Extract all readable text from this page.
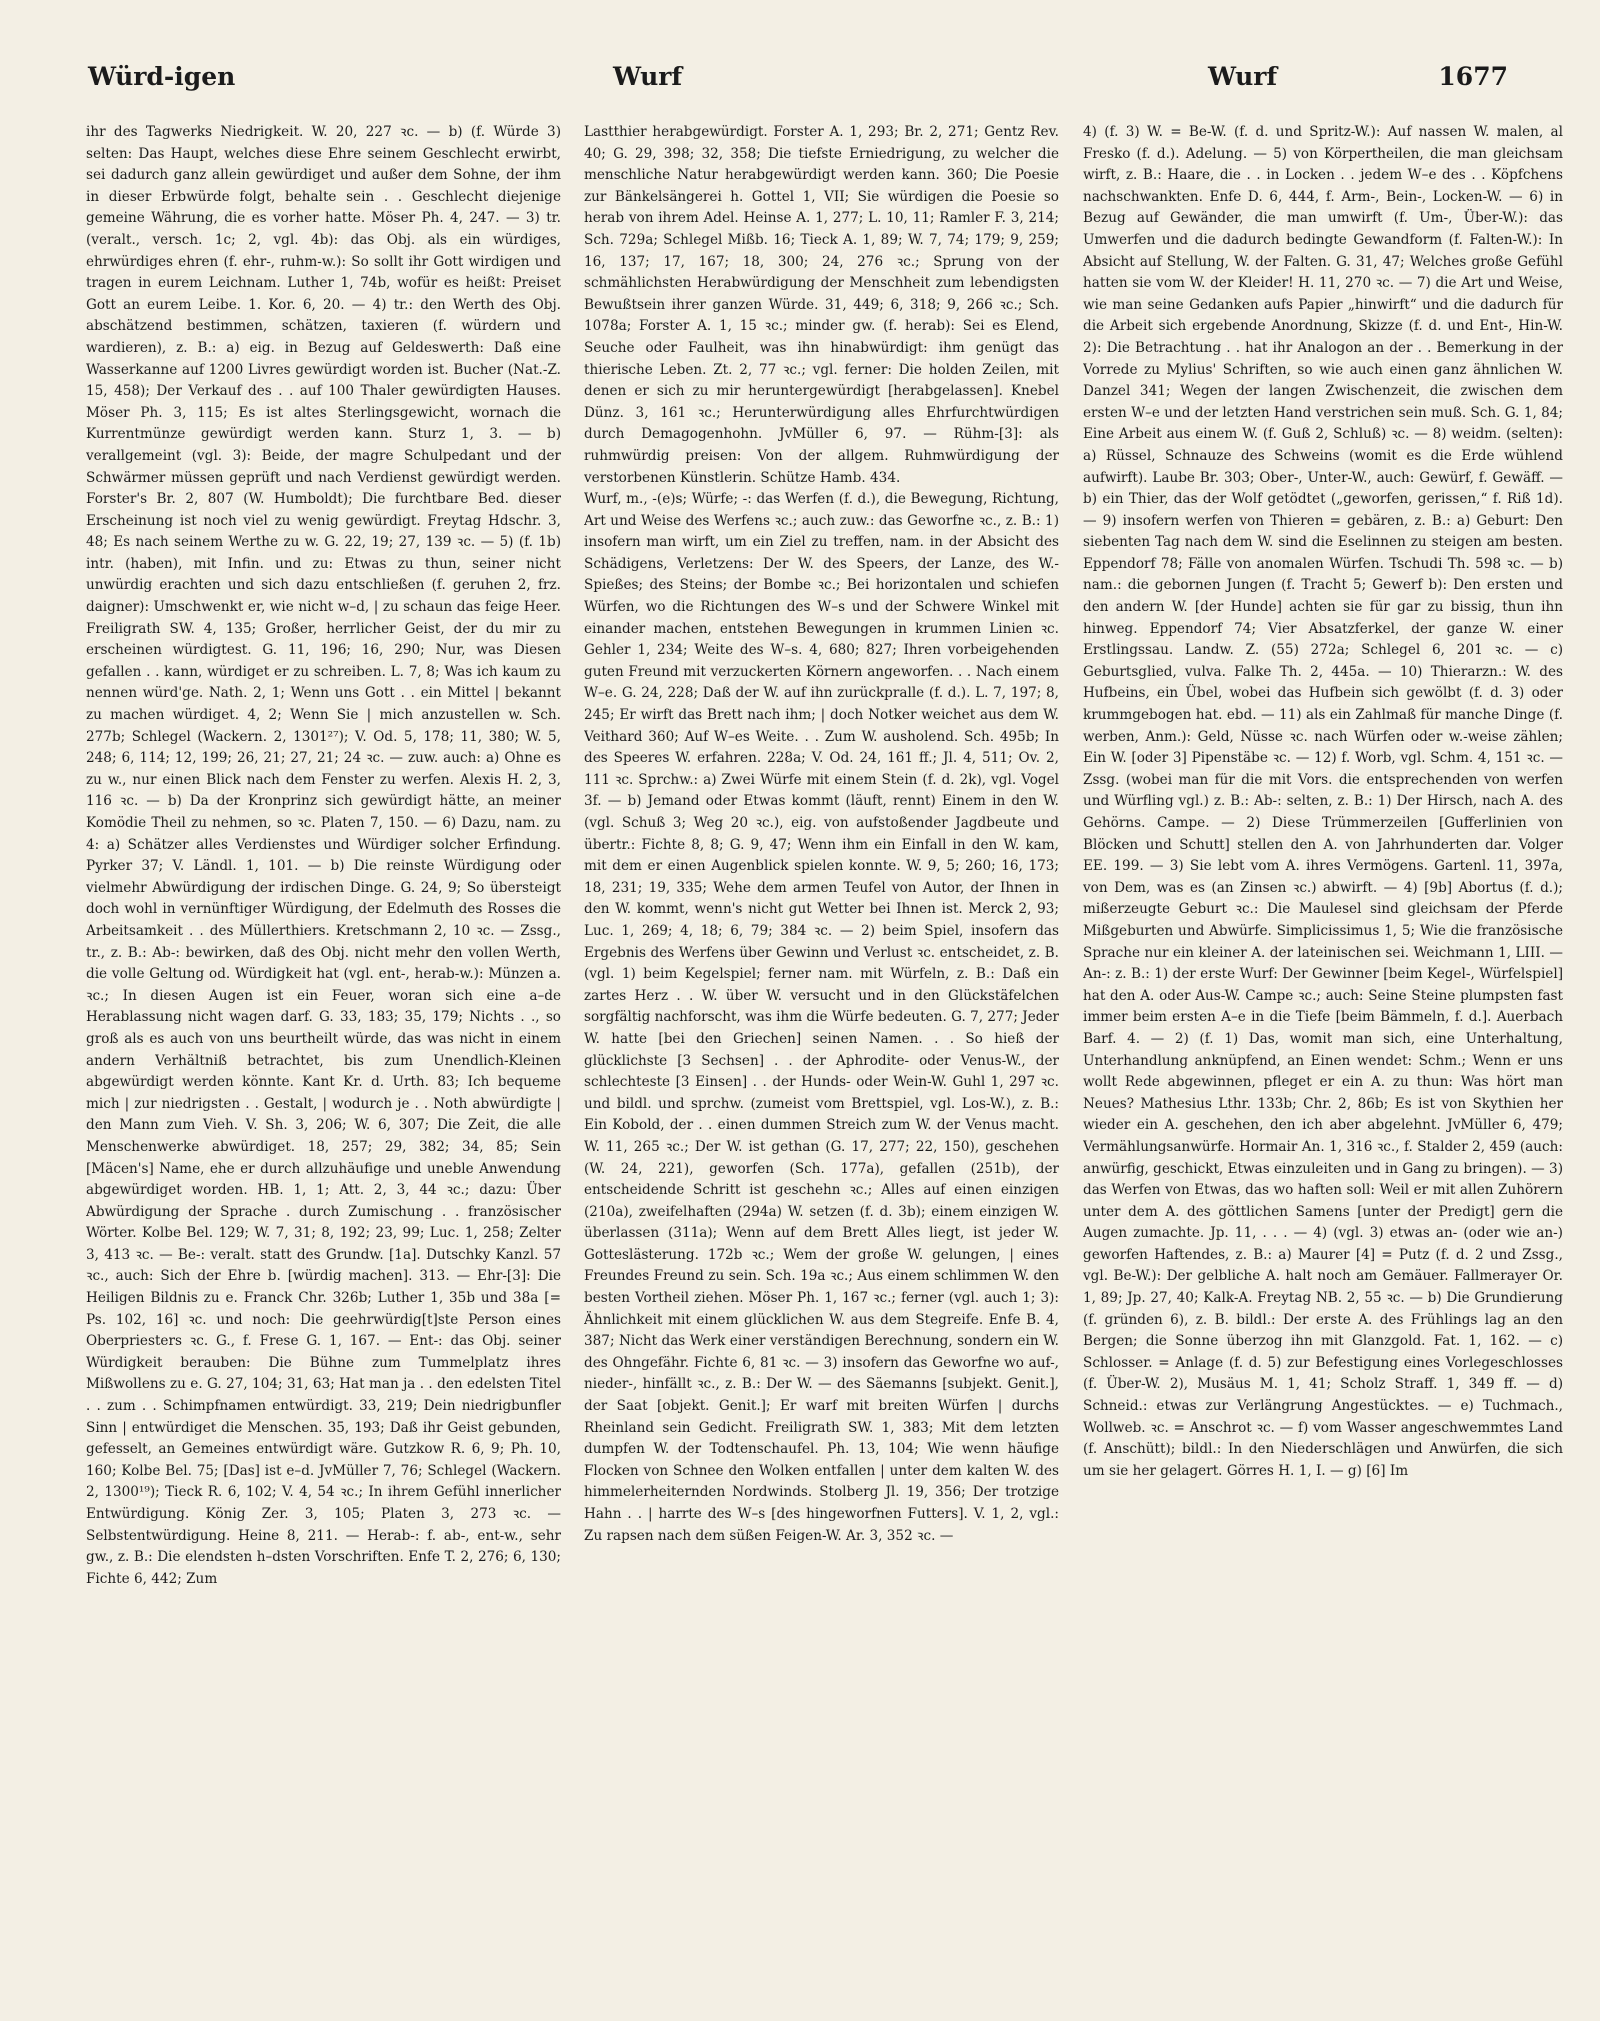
Würd-igen	Wurf	Wurf	1677

ihr des Tagwerks Niedrigkeit. W. 20, 227 ꝛc. — b) (f. Würde 3) selten: Das Haupt, welches diese Ehre seinem Geschlecht erwirbt, sei dadurch ganz allein gewürdiget und außer dem Sohne, der ihm in dieser Erbwürde folgt, behalte sein . . Geschlecht diejenige gemeine Währung, die es vorher hatte. Möser Ph. 4, 247. — 3) tr. (veralt., versch. 1c; 2, vgl. 4b): das Obj. als ein würdiges, ehrwürdiges ehren (f. ehr-, ruhm-w.): So sollt ihr Gott wirdigen und tragen in eurem Leichnam. Luther 1, 74b, wofür es heißt: Preiset Gott an eurem Leibe. 1. Kor. 6, 20. — 4) tr.: den Werth des Obj. abschätzend bestimmen, schätzen, taxieren (f. würdern und wardieren), z. B.: a) eig. in Bezug auf Geldeswerth: Daß eine Wasserkanne auf 1200 Livres gewürdigt worden ist. Bucher (Nat.-Z. 15, 458); Der Verkauf des . . auf 100 Thaler gewürdigten Hauses. Möser Ph. 3, 115; Es ist altes Sterlingsgewicht, wornach die Kurrentmünze gewürdigt werden kann. Sturz 1, 3. — b) verallgemeint (vgl. 3): Beide, der magre Schulpedant und der Schwärmer müssen geprüft und nach Verdienst gewürdigt werden. Forster's Br. 2, 807 (W. Humboldt); Die furchtbare Bed. dieser Erscheinung ist noch viel zu wenig gewürdigt. Freytag Hdschr. 3, 48; Es nach seinem Werthe zu w. G. 22, 19; 27, 139 ꝛc. — 5) (f. 1b) intr. (haben), mit Infin. und zu: Etwas zu thun, seiner nicht unwürdig erachten und sich dazu entschließen (f. geruhen 2, frz. daigner): Umschwenkt er, wie nicht w–d, | zu schaun das feige Heer. Freiligrath SW. 4, 135; Großer, herrlicher Geist, der du mir zu erscheinen würdigtest. G. 11, 196; 16, 290; Nur, was Diesen gefallen . . kann, würdiget er zu schreiben. L. 7, 8; Was ich kaum zu nennen würd'ge. Nath. 2, 1; Wenn uns Gott . . ein Mittel | bekannt zu machen würdiget. 4, 2; Wenn Sie | mich anzustellen w. Sch. 277b; Schlegel (Wackern. 2, 1301²⁷); V. Od. 5, 178; 11, 380; W. 5, 248; 6, 114; 12, 199; 26, 21; 27, 21; 24 ꝛc. — zuw. auch: a) Ohne es zu w., nur einen Blick nach dem Fenster zu werfen. Alexis H. 2, 3, 116 ꝛc. — b) Da der Kronprinz sich gewürdigt hätte, an meiner Komödie Theil zu nehmen, so ꝛc. Platen 7, 150. — 6) Dazu, nam. zu 4: a) Schätzer alles Verdienstes und Würdiger solcher Erfindung. Pyrker 37; V. Ländl. 1, 101. — b) Die reinste Würdigung oder vielmehr Abwürdigung der irdischen Dinge. G. 24, 9; So übersteigt doch wohl in vernünftiger Würdigung, der Edelmuth des Rosses die Arbeitsamkeit . . des Müllerthiers. Kretschmann 2, 10 ꝛc. — Zssg., tr., z. B.: Ab-: bewirken, daß des Obj. nicht mehr den vollen Werth, die volle Geltung od. Würdigkeit hat (vgl. ent-, herab-w.): Münzen a. ꝛc.; In diesen Augen ist ein Feuer, woran sich eine a–de Herablassung nicht wagen darf. G. 33, 183; 35, 179; Nichts . ., so groß als es auch von uns beurtheilt würde, das was nicht in einem andern Verhältniß betrachtet, bis zum Unendlich-Kleinen abgewürdigt werden könnte. Kant Kr. d. Urth. 83; Ich bequeme mich | zur niedrigsten . . Gestalt, | wodurch je . . Noth abwürdigte | den Mann zum Vieh. V. Sh. 3, 206; W. 6, 307; Die Zeit, die alle Menschenwerke abwürdiget. 18, 257; 29, 382; 34, 85; Sein [Mäcen's] Name, ehe er durch allzuhäufige und uneble Anwendung abgewürdiget worden. HB. 1, 1; Att. 2, 3, 44 ꝛc.; dazu: Über Abwürdigung der Sprache . durch Zumischung . . französischer Wörter. Kolbe Bel. 129; W. 7, 31; 8, 192; 23, 99; Luc. 1, 258; Zelter 3, 413 ꝛc. — Be-: veralt. statt des Grundw. [1a]. Dutschky Kanzl. 57 ꝛc., auch: Sich der Ehre b. [würdig machen]. 313. — Ehr-[3]: Die Heiligen Bildnis zu e. Franck Chr. 326b; Luther 1, 35b und 38a [= Ps. 102, 16] ꝛc. und noch: Die geehrwürdig[t]ste Person eines Oberpriesters ꝛc. G., f. Frese G. 1, 167. — Ent-: das Obj. seiner Würdigkeit berauben: Die Bühne zum Tummelplatz ihres Mißwollens zu e. G. 27, 104; 31, 63; Hat man ja . . den edelsten Titel . . zum . . Schimpfnamen entwürdigt. 33, 219; Dein niedrigbunfler Sinn | entwürdiget die Menschen. 35, 193; Daß ihr Geist gebunden, gefesselt, an Gemeines entwürdigt wäre. Gutzkow R. 6, 9; Ph. 10, 160; Kolbe Bel. 75; [Das] ist e–d. JvMüller 7, 76; Schlegel (Wackern. 2, 1300¹⁹); Tieck R. 6, 102; V. 4, 54 ꝛc.; In ihrem Gefühl innerlicher Entwürdigung. König Zer. 3, 105; Platen 3, 273 ꝛc. — Selbstentwürdigung. Heine 8, 211. — Herab-: f. ab-, ent-w., sehr gw., z. B.: Die elendsten h–dsten Vorschriften. Enfe T. 2, 276; 6, 130; Fichte 6, 442; Zum

Lastthier herabgewürdigt. Forster A. 1, 293; Br. 2, 271; Gentz Rev. 40; G. 29, 398; 32, 358; Die tiefste Erniedrigung, zu welcher die menschliche Natur herabgewürdigt werden kann. 360; Die Poesie zur Bänkelsängerei h. Gottel 1, VII; Sie würdigen die Poesie so herab von ihrem Adel. Heinse A. 1, 277; L. 10, 11; Ramler F. 3, 214; Sch. 729a; Schlegel Mißb. 16; Tieck A. 1, 89; W. 7, 74; 179; 9, 259; 16, 137; 17, 167; 18, 300; 24, 276 ꝛc.; Sprung von der schmählichsten Herabwürdigung der Menschheit zum lebendigsten Bewußtsein ihrer ganzen Würde. 31, 449; 6, 318; 9, 266 ꝛc.; Sch. 1078a; Forster A. 1, 15 ꝛc.; minder gw. (f. herab): Sei es Elend, Seuche oder Faulheit, was ihn hinabwürdigt: ihm genügt das thierische Leben. Zt. 2, 77 ꝛc.; vgl. ferner: Die holden Zeilen, mit denen er sich zu mir heruntergewürdigt [herabgelassen]. Knebel Dünz. 3, 161 ꝛc.; Herunterwürdigung alles Ehrfurchtwürdigen durch Demagogenhohn. JvMüller 6, 97. — Rühm-[3]: als ruhmwürdig preisen: Von der allgem. Ruhmwürdigung der verstorbenen Künstlerin. Schütze Hamb. 434.

Wurf, m., -(e)s; Würfe; -: das Werfen (f. d.), die Bewegung, Richtung, Art und Weise des Werfens ꝛc.; auch zuw.: das Geworfne ꝛc., z. B.: 1) insofern man wirft, um ein Ziel zu treffen, nam. in der Absicht des Schädigens, Verletzens: Der W. des Speers, der Lanze, des W.-Spießes; des Steins; der Bombe ꝛc.; Bei horizontalen und schiefen Würfen, wo die Richtungen des W–s und der Schwere Winkel mit einander machen, entstehen Bewegungen in krummen Linien ꝛc. Gehler 1, 234; Weite des W–s. 4, 680; 827; Ihren vorbeigehenden guten Freund mit verzuckerten Körnern angeworfen. . . Nach einem W–e. G. 24, 228; Daß der W. auf ihn zurückpralle (f. d.). L. 7, 197; 8, 245; Er wirft das Brett nach ihm; | doch Notker weichet aus dem W. Veithard 360; Auf W–es Weite. . . Zum W. ausholend. Sch. 495b; In des Speeres W. erfahren. 228a; V. Od. 24, 161 ff.; Jl. 4, 511; Ov. 2, 111 ꝛc. Sprchw.: a) Zwei Würfe mit einem Stein (f. d. 2k), vgl. Vogel 3f. — b) Jemand oder Etwas kommt (läuft, rennt) Einem in den W. (vgl. Schuß 3; Weg 20 ꝛc.), eig. von aufstoßender Jagdbeute und übertr.: Fichte 8, 8; G. 9, 47; Wenn ihm ein Einfall in den W. kam, mit dem er einen Augenblick spielen konnte. W. 9, 5; 260; 16, 173; 18, 231; 19, 335; Wehe dem armen Teufel von Autor, der Ihnen in den W. kommt, wenn's nicht gut Wetter bei Ihnen ist. Merck 2, 93; Luc. 1, 269; 4, 18; 6, 79; 384 ꝛc. — 2) beim Spiel, insofern das Ergebnis des Werfens über Gewinn und Verlust ꝛc. entscheidet, z. B. (vgl. 1) beim Kegelspiel; ferner nam. mit Würfeln, z. B.: Daß ein zartes Herz . . W. über W. versucht und in den Glückstäfelchen sorgfältig nachforscht, was ihm die Würfe bedeuten. G. 7, 277; Jeder W. hatte [bei den Griechen] seinen Namen. . . So hieß der glücklichste [3 Sechsen] . . der Aphrodite- oder Venus-W., der schlechteste [3 Einsen] . . der Hunds- oder Wein-W. Guhl 1, 297 ꝛc. und bildl. und sprchw. (zumeist vom Brettspiel, vgl. Los-W.), z. B.: Ein Kobold, der . . einen dummen Streich zum W. der Venus macht. W. 11, 265 ꝛc.; Der W. ist gethan (G. 17, 277; 22, 150), geschehen (W. 24, 221), geworfen (Sch. 177a), gefallen (251b), der entscheidende Schritt ist geschehn ꝛc.; Alles auf einen einzigen (210a), zweifelhaften (294a) W. setzen (f. d. 3b); einem einzigen W. überlassen (311a); Wenn auf dem Brett Alles liegt, ist jeder W. Gotteslästerung. 172b ꝛc.; Wem der große W. gelungen, | eines Freundes Freund zu sein. Sch. 19a ꝛc.; Aus einem schlimmen W. den besten Vortheil ziehen. Möser Ph. 1, 167 ꝛc.; ferner (vgl. auch 1; 3): Ähnlichkeit mit einem glücklichen W. aus dem Stegreife. Enfe B. 4, 387; Nicht das Werk einer verständigen Berechnung, sondern ein W. des Ohngefähr. Fichte 6, 81 ꝛc. — 3) insofern das Geworfne wo auf-, nieder-, hinfällt ꝛc., z. B.: Der W. — des Säemanns [subjekt. Genit.], der Saat [objekt. Genit.]; Er warf mit breiten Würfen | durchs Rheinland sein Gedicht. Freiligrath SW. 1, 383; Mit dem letzten dumpfen W. der Todtenschaufel. Ph. 13, 104; Wie wenn häufige Flocken von Schnee den Wolken entfallen | unter dem kalten W. des himmelerheiternden Nordwinds. Stolberg Jl. 19, 356; Der trotzige Hahn . . | harrte des W–s [des hingeworfnen Futters]. V. 1, 2, vgl.: Zu rapsen nach dem süßen Feigen-W. Ar. 3, 352 ꝛc. —

4) (f. 3) W. = Be-W. (f. d. und Spritz-W.): Auf nassen W. malen, al Fresko (f. d.). Adelung. — 5) von Körpertheilen, die man gleichsam wirft, z. B.: Haare, die . . in Locken . . jedem W–e des . . Köpfchens nachschwankten. Enfe D. 6, 444, f. Arm-, Bein-, Locken-W. — 6) in Bezug auf Gewänder, die man umwirft (f. Um-, Über-W.): das Umwerfen und die dadurch bedingte Gewandform (f. Falten-W.): In Absicht auf Stellung, W. der Falten. G. 31, 47; Welches große Gefühl hatten sie vom W. der Kleider! H. 11, 270 ꝛc. — 7) die Art und Weise, wie man seine Gedanken aufs Papier „hinwirft“ und die dadurch für die Arbeit sich ergebende Anordnung, Skizze (f. d. und Ent-, Hin-W. 2): Die Betrachtung . . hat ihr Analogon an der . . Bemerkung in der Vorrede zu Mylius' Schriften, so wie auch einen ganz ähnlichen W. Danzel 341; Wegen der langen Zwischenzeit, die zwischen dem ersten W–e und der letzten Hand verstrichen sein muß. Sch. G. 1, 84; Eine Arbeit aus einem W. (f. Guß 2, Schluß) ꝛc. — 8) weidm. (selten): a) Rüssel, Schnauze des Schweins (womit es die Erde wühlend aufwirft). Laube Br. 303; Ober-, Unter-W., auch: Gewürf, f. Gewäff. — b) ein Thier, das der Wolf getödtet („geworfen, gerissen,“ f. Riß 1d). — 9) insofern werfen von Thieren = gebären, z. B.: a) Geburt: Den siebenten Tag nach dem W. sind die Eselinnen zu steigen am besten. Eppendorf 78; Fälle von anomalen Würfen. Tschudi Th. 598 ꝛc. — b) nam.: die gebornen Jungen (f. Tracht 5; Gewerf b): Den ersten und den andern W. [der Hunde] achten sie für gar zu bissig, thun ihn hinweg. Eppendorf 74; Vier Absatzferkel, der ganze W. einer Erstlingssau. Landw. Z. (55) 272a; Schlegel 6, 201 ꝛc. — c) Geburtsglied, vulva. Falke Th. 2, 445a. — 10) Thierarzn.: W. des Hufbeins, ein Übel, wobei das Hufbein sich gewölbt (f. d. 3) oder krummgebogen hat. ebd. — 11) als ein Zahlmaß für manche Dinge (f. werben, Anm.): Geld, Nüsse ꝛc. nach Würfen oder w.-weise zählen; Ein W. [oder 3] Pipenstäbe ꝛc. — 12) f. Worb, vgl. Schm. 4, 151 ꝛc. — Zssg. (wobei man für die mit Vors. die entsprechenden von werfen und Würfling vgl.) z. B.: Ab-: selten, z. B.: 1) Der Hirsch, nach A. des Gehörns. Campe. — 2) Diese Trümmerzeilen [Gufferlinien von Blöcken und Schutt] stellen den A. von Jahrhunderten dar. Volger EE. 199. — 3) Sie lebt vom A. ihres Vermögens. Gartenl. 11, 397a, von Dem, was es (an Zinsen ꝛc.) abwirft. — 4) [9b] Abortus (f. d.); mißerzeugte Geburt ꝛc.: Die Maulesel sind gleichsam der Pferde Mißgeburten und Abwürfe. Simplicissimus 1, 5; Wie die französische Sprache nur ein kleiner A. der lateinischen sei. Weichmann 1, LIII. — An-: z. B.: 1) der erste Wurf: Der Gewinner [beim Kegel-, Würfelspiel] hat den A. oder Aus-W. Campe ꝛc.; auch: Seine Steine plumpsten fast immer beim ersten A–e in die Tiefe [beim Bämmeln, f. d.]. Auerbach Barf. 4. — 2) (f. 1) Das, womit man sich, eine Unterhaltung, Unterhandlung anknüpfend, an Einen wendet: Schm.; Wenn er uns wollt Rede abgewinnen, pfleget er ein A. zu thun: Was hört man Neues? Mathesius Lthr. 133b; Chr. 2, 86b; Es ist von Skythien her wieder ein A. geschehen, den ich aber abgelehnt. JvMüller 6, 479; Vermählungsanwürfe. Hormair An. 1, 316 ꝛc., f. Stalder 2, 459 (auch: anwürfig, geschickt, Etwas einzuleiten und in Gang zu bringen). — 3) das Werfen von Etwas, das wo haften soll: Weil er mit allen Zuhörern unter dem A. des göttlichen Samens [unter der Predigt] gern die Augen zumachte. Jp. 11, . . . — 4) (vgl. 3) etwas an- (oder wie an-) geworfen Haftendes, z. B.: a) Maurer [4] = Putz (f. d. 2 und Zssg., vgl. Be-W.): Der gelbliche A. halt noch am Gemäuer. Fallmerayer Or. 1, 89; Jp. 27, 40; Kalk-A. Freytag NB. 2, 55 ꝛc. — b) Die Grundierung (f. gründen 6), z. B. bildl.: Der erste A. des Frühlings lag an den Bergen; die Sonne überzog ihn mit Glanzgold. Fat. 1, 162. — c) Schlosser. = Anlage (f. d. 5) zur Befestigung eines Vorlegeschlosses (f. Über-W. 2), Musäus M. 1, 41; Scholz Straff. 1, 349 ff. — d) Schneid.: etwas zur Verlängrung Angestücktes. — e) Tuchmach., Wollweb. ꝛc. = Anschrot ꝛc. — f) vom Wasser angeschwemmtes Land (f. Anschütt); bildl.: In den Niederschlägen und Anwürfen, die sich um sie her gelagert. Görres H. 1, I. — g) [6] Im
